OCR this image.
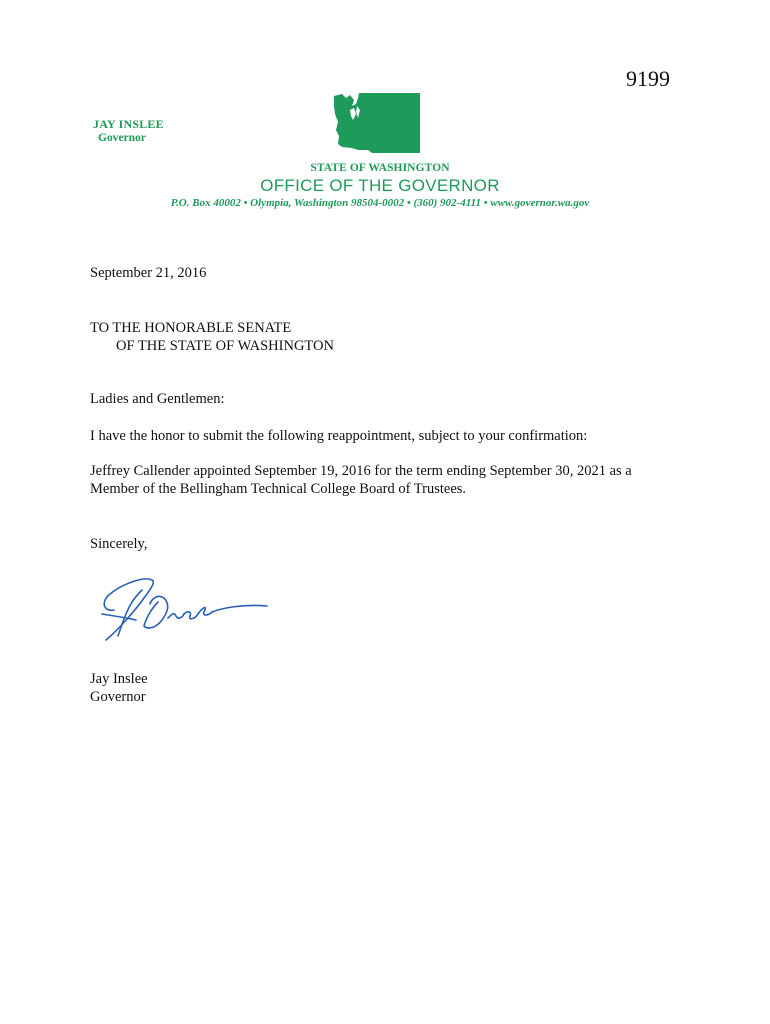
9199
JAY INSLEE
Governor
STATE OF WASHINGTON
OFFICE OF THE GOVERNOR
P.O. Box 40002 • Olympia, Washington 98504-0002 • (360) 902-4111 • www.governor.wa.gov
September 21, 2016
TO THE HONORABLE SENATE
OF THE STATE OF WASHINGTON
Ladies and Gentlemen:
I have the honor to submit the following reappointment, subject to your confirmation:
Jeffrey Callender appointed September 19, 2016 for the term ending September 30, 2021 as a
Member of the Bellingham Technical College Board of Trustees.
Sincerely,
Jay Inslee
Governor
